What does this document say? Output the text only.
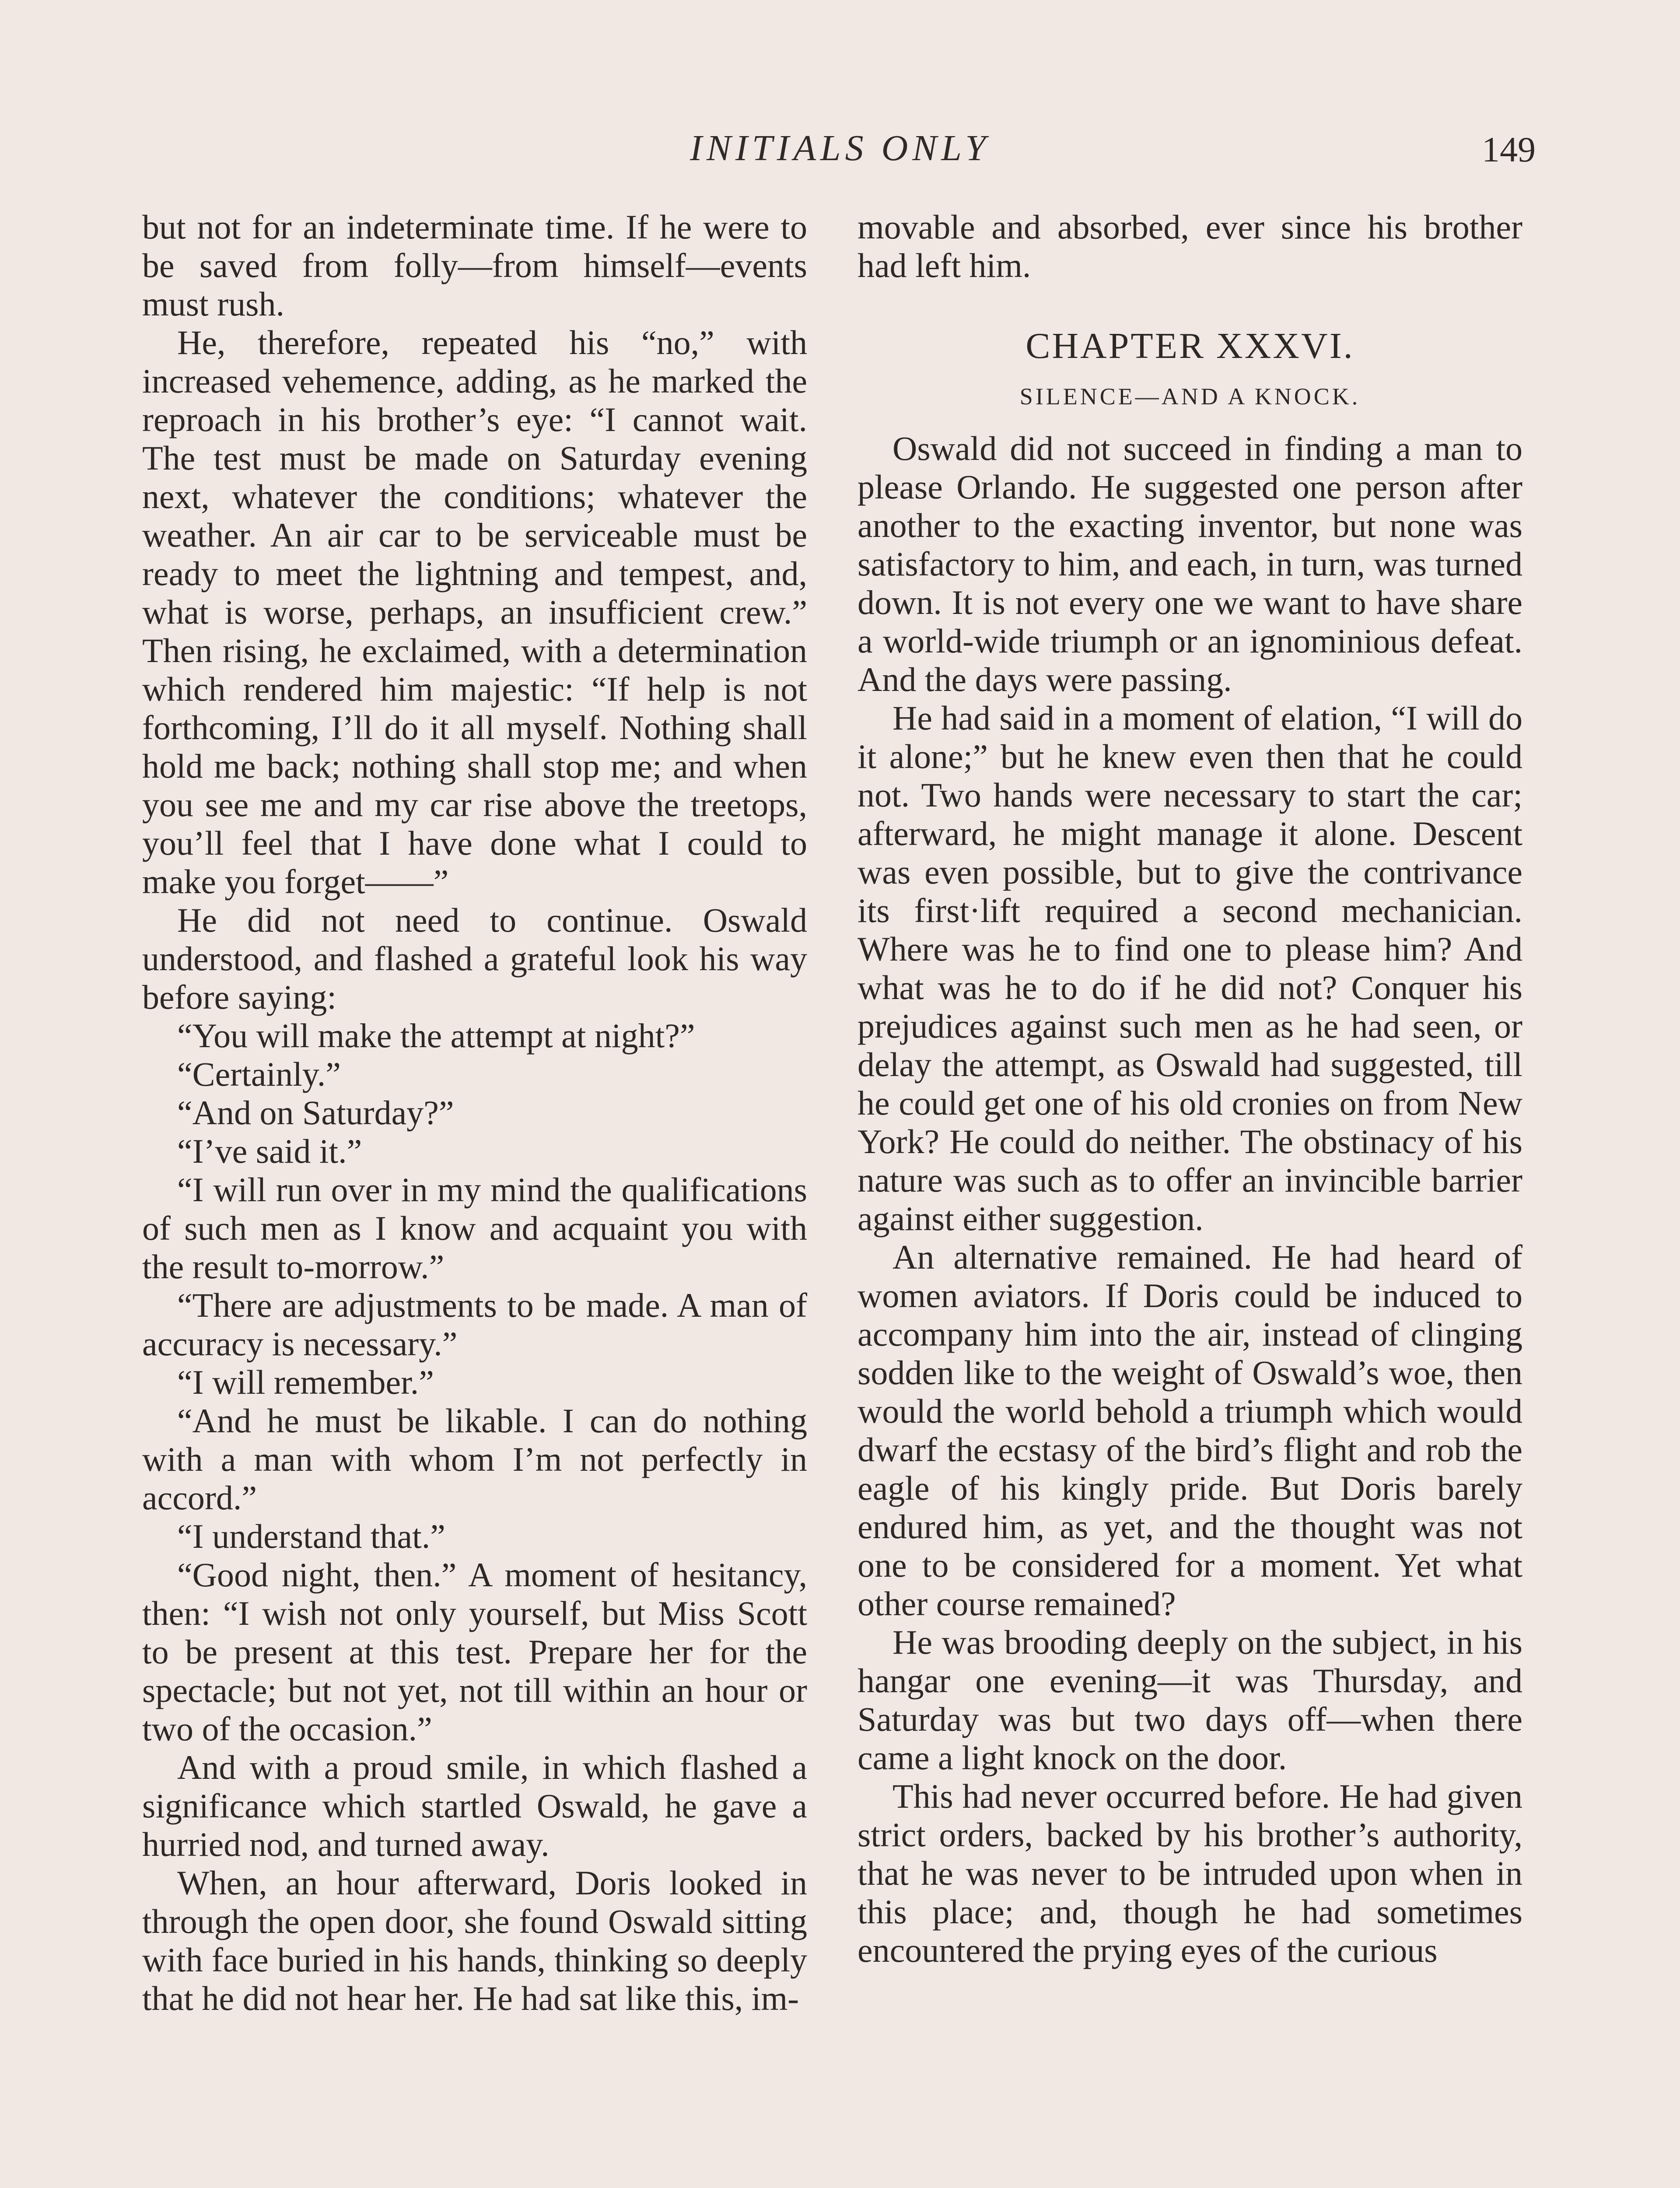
INITIALS ONLY	149

but not for an indeterminate time. If he were to be saved from folly—from himself—events must rush.

He, therefore, repeated his “no,” with increased vehemence, adding, as he marked the reproach in his brother’s eye: “I cannot wait. The test must be made on Saturday evening next, whatever the conditions; whatever the weather. An air car to be serviceable must be ready to meet the lightning and tempest, and, what is worse, perhaps, an insufficient crew.” Then rising, he exclaimed, with a determination which rendered him majestic: “If help is not forthcoming, I’ll do it all myself. Nothing shall hold me back; nothing shall stop me; and when you see me and my car rise above the treetops, you’ll feel that I have done what I could to make you forget——”

He did not need to continue. Oswald understood, and flashed a grateful look his way before saying:

“You will make the attempt at night?”

“Certainly.”

“And on Saturday?”

“I’ve said it.”

“I will run over in my mind the qualifications of such men as I know and acquaint you with the result to-morrow.”

“There are adjustments to be made. A man of accuracy is necessary.”

“I will remember.”

“And he must be likable. I can do nothing with a man with whom I’m not perfectly in accord.”

“I understand that.”

“Good night, then.” A moment of hesitancy, then: “I wish not only yourself, but Miss Scott to be present at this test. Prepare her for the spectacle; but not yet, not till within an hour or two of the occasion.”

And with a proud smile, in which flashed a significance which startled Oswald, he gave a hurried nod, and turned away.

When, an hour afterward, Doris looked in through the open door, she found Oswald sitting with face buried in his hands, thinking so deeply that he did not hear her. He had sat like this, im-

movable and absorbed, ever since his brother had left him.

CHAPTER XXXVI.
SILENCE—AND A KNOCK.

Oswald did not succeed in finding a man to please Orlando. He suggested one person after another to the exacting inventor, but none was satisfactory to him, and each, in turn, was turned down. It is not every one we want to have share a world-wide triumph or an ignominious defeat. And the days were passing.

He had said in a moment of elation, “I will do it alone;” but he knew even then that he could not. Two hands were necessary to start the car; afterward, he might manage it alone. Descent was even possible, but to give the contrivance its first·lift required a second mechanician. Where was he to find one to please him? And what was he to do if he did not? Conquer his prejudices against such men as he had seen, or delay the attempt, as Oswald had suggested, till he could get one of his old cronies on from New York? He could do neither. The obstinacy of his nature was such as to offer an invincible barrier against either suggestion.

An alternative remained. He had heard of women aviators. If Doris could be induced to accompany him into the air, instead of clinging sodden like to the weight of Oswald’s woe, then would the world behold a triumph which would dwarf the ecstasy of the bird’s flight and rob the eagle of his kingly pride. But Doris barely endured him, as yet, and the thought was not one to be considered for a moment. Yet what other course remained?

He was brooding deeply on the subject, in his hangar one evening—it was Thursday, and Saturday was but two days off—when there came a light knock on the door.

This had never occurred before. He had given strict orders, backed by his brother’s authority, that he was never to be intruded upon when in this place; and, though he had sometimes encountered the prying eyes of the curious
